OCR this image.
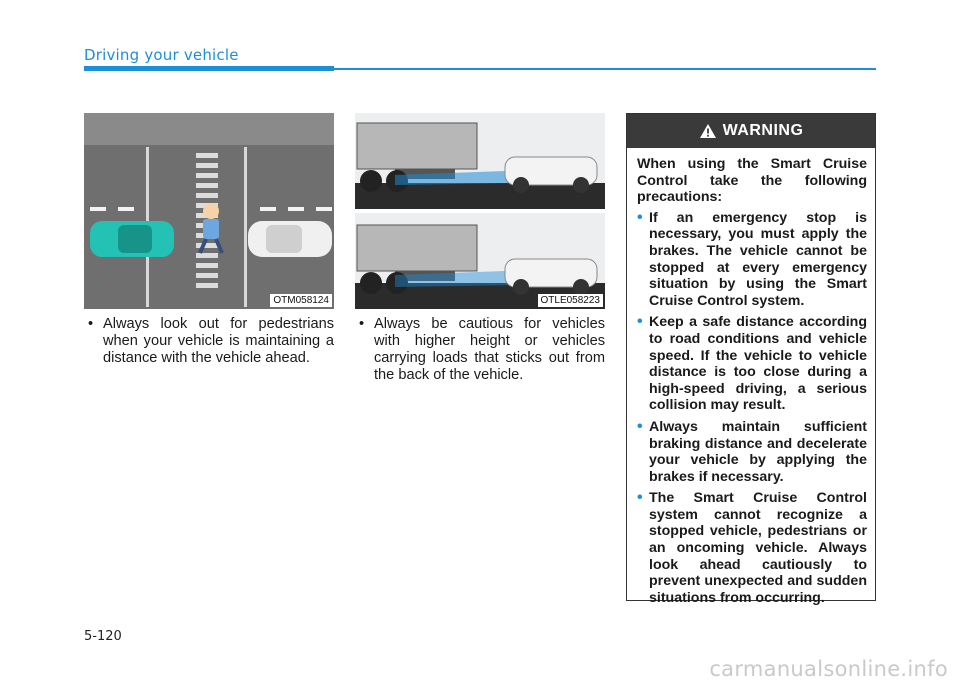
Driving your vehicle
OTM058124	OTLE058223
• Always look out for pedestrians when your vehicle is maintaining a distance with the vehicle ahead.
• Always be cautious for vehicles with higher height or vehicles carrying loads that sticks out from the back of the vehicle.
WARNING
When using the Smart Cruise Control take the following precautions:
• If an emergency stop is necessary, you must apply the brakes. The vehicle cannot be stopped at every emergency situation by using the Smart Cruise Control system.
• Keep a safe distance according to road conditions and vehicle speed. If the vehicle to vehicle distance is too close during a high-speed driving, a serious collision may result.
• Always maintain sufficient braking distance and decelerate your vehicle by applying the brakes if necessary.
• The Smart Cruise Control system cannot recognize a stopped vehicle, pedestrians or an oncoming vehicle. Always look ahead cautiously to prevent unexpected and sudden situations from occurring.
5-120
carmanualsonline.info
